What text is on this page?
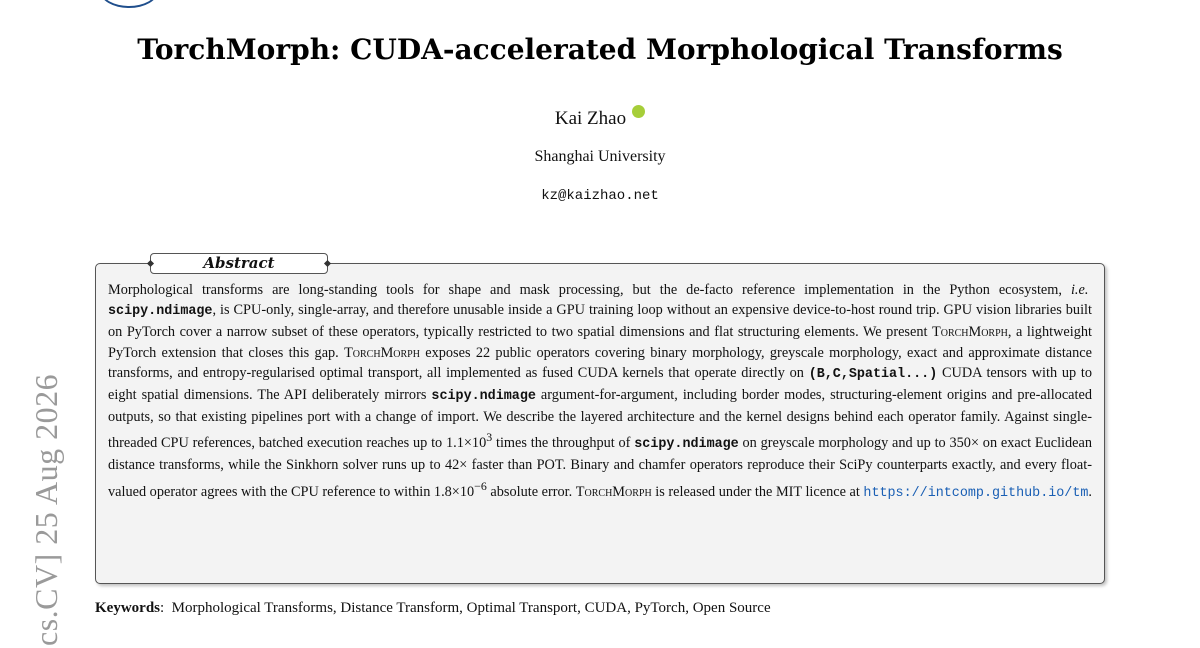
cs.CV] 25 Aug 2026
TorchMorph: CUDA-accelerated Morphological Transforms
Kai Zhao
Shanghai University
kz@kaizhao.net
Abstract
Morphological transforms are long-standing tools for shape and mask processing, but the de-facto reference implementation in the Python ecosystem, i.e.  scipy.ndimage, is CPU-only, single-array, and therefore unusable inside a GPU training loop without an expensive device-to-host round trip. GPU vision libraries built on PyTorch cover a narrow subset of these operators, typically restricted to two spatial dimensions and flat structuring elements. We present TorchMorph, a lightweight PyTorch extension that closes this gap. TorchMorph exposes 22 public operators covering binary morphology, greyscale morphology, exact and approximate distance transforms, and entropy-regularised optimal transport, all implemented as fused CUDA kernels that operate directly on (B,C,Spatial...) CUDA tensors with up to eight spatial dimensions. The API deliberately mirrors scipy.ndimage argument-for-argument, including border modes, structuring-element origins and pre-allocated outputs, so that existing pipelines port with a change of import. We describe the layered architecture and the kernel designs behind each operator family. Against single-threaded CPU references, batched execution reaches up to $1.1\times 10^3$ times the throughput of scipy.ndimage on greyscale morphology and up to 350× on exact Euclidean distance transforms, while the Sinkhorn solver runs up to 42× faster than POT. Binary and chamfer operators reproduce their SciPy counterparts exactly, and every float-valued operator agrees with the CPU reference to within $1.8\times 10^{-6}$ absolute error. TorchMorph is released under the MIT licence at https://intcomp.github.io/tm.
Keywords:  Morphological Transforms, Distance Transform, Optimal Transport, CUDA, PyTorch, Open Source
